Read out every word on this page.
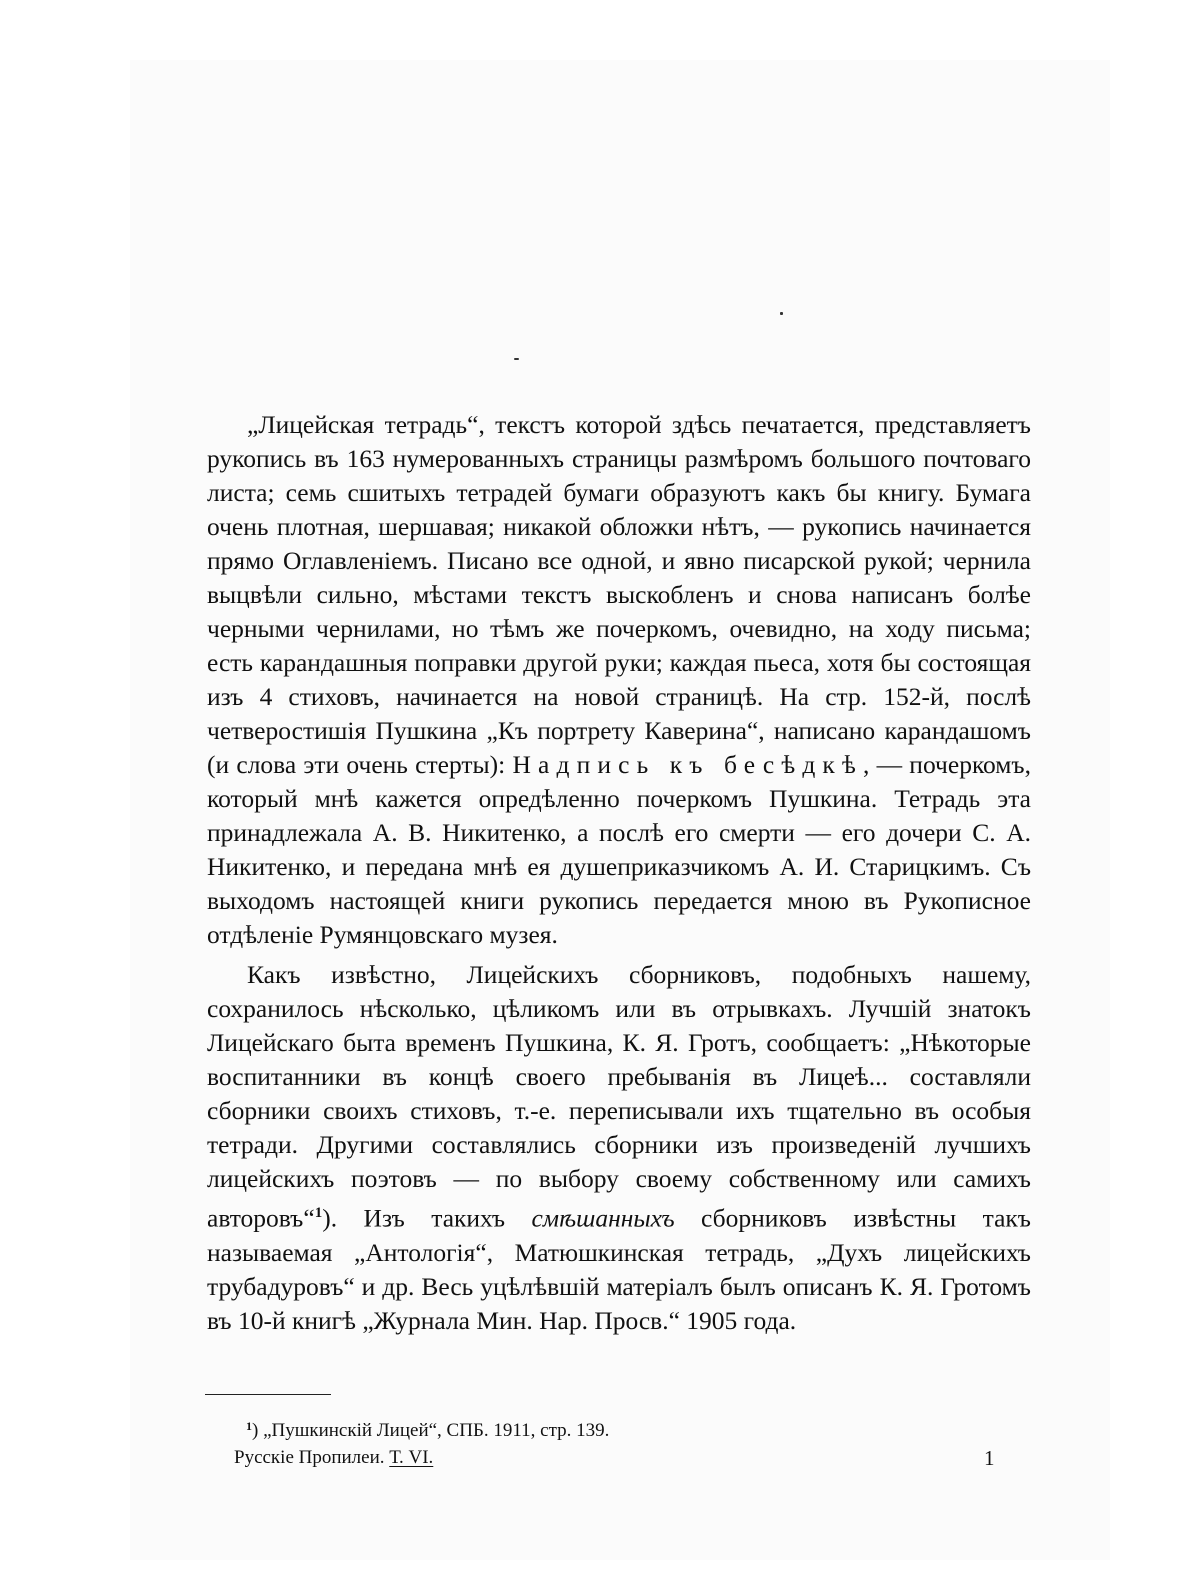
„Лицейская тетрадь“, текстъ которой здѣсь печатается, представляетъ рукопись въ 163 нумерованныхъ страницы размѣромъ большого почтоваго листа; семь сшитыхъ тетрадей бумаги образуютъ какъ бы книгу. Бумага очень плотная, шершавая; никакой обложки нѣтъ, — рукопись начинается прямо Оглавленіемъ. Писано все одной, и явно писарской рукой; чернила выцвѣли сильно, мѣстами текстъ выскобленъ и снова написанъ болѣе черными чернилами, но тѣмъ же почеркомъ, очевидно, на ходу письма; есть карандашныя поправки другой руки; каждая пьеса, хотя бы состоящая изъ 4 стиховъ, начинается на новой страницѣ. На стр. 152-й, послѣ четверостишія Пушкина „Къ портрету Каверина“, написано карандашомъ (и слова эти очень стерты): Надпись къ бесѣдкѣ, — почеркомъ, который мнѣ кажется опредѣленно почеркомъ Пушкина. Тетрадь эта принадлежала А. В. Никитенко, а послѣ его смерти — его дочери С. А. Никитенко, и передана мнѣ ея душеприказчикомъ А. И. Старицкимъ. Съ выходомъ настоящей книги рукопись передается мною въ Рукописное отдѣленіе Румянцовскаго музея.

Какъ извѣстно, Лицейскихъ сборниковъ, подобныхъ нашему, сохранилось нѣсколько, цѣликомъ или въ отрывкахъ. Лучшій знатокъ Лицейскаго быта временъ Пушкина, К. Я. Гротъ, сообщаетъ: „Нѣкоторые воспитанники въ концѣ своего пребыванія въ Лицеѣ... составляли сборники своихъ стиховъ, т.-е. переписывали ихъ тщательно въ особыя тетради. Другими составлялись сборники изъ произведеній лучшихъ лицейскихъ поэтовъ — по выбору своему собственному или самихъ авторовъ“$^1$). Изъ такихъ смѣшанныхъ сборниковъ извѣстны такъ называемая „Антологія“, Матюшкинская тетрадь, „Духъ лицейскихъ трубадуровъ“ и др. Весь уцѣлѣвшій матеріалъ былъ описанъ К. Я. Гротомъ въ 10-й книгѣ „Журнала Мин. Нар. Просв.“ 1905 года.

$^1$) „Пушкинскій Лицей“, СПБ. 1911, стр. 139.
Русскіе Пропилеи. Т. VI.	1
